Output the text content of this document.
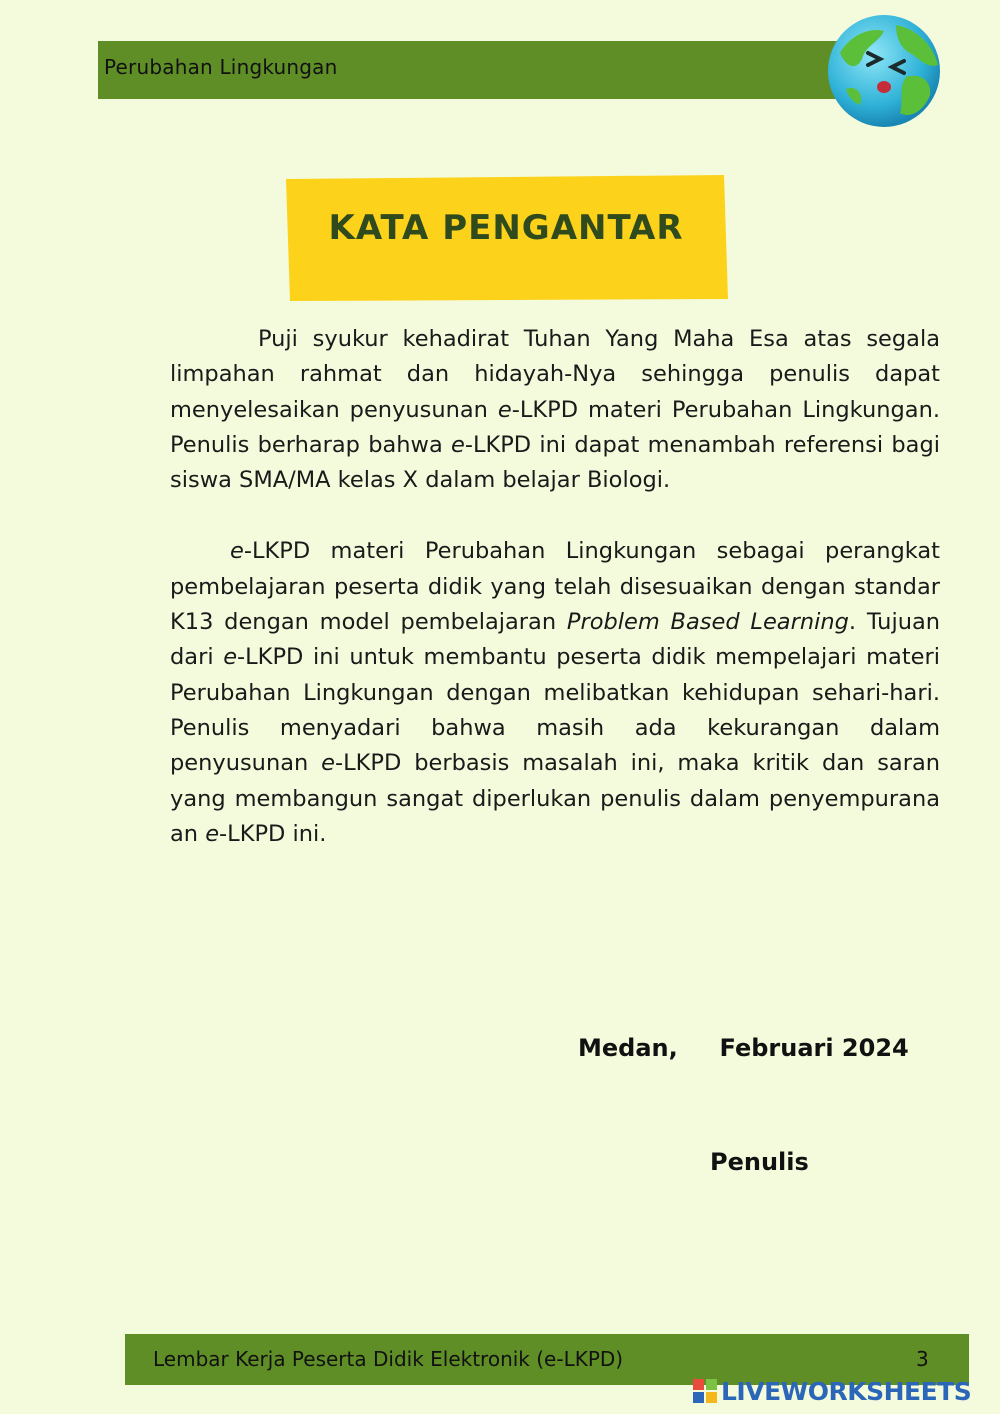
Perubahan Lingkungan
KATA PENGANTAR

Puji syukur kehadirat Tuhan Yang Maha Esa atas segala limpahan rahmat dan hidayah-Nya sehingga penulis dapat menyelesaikan penyusunan e-LKPD materi Perubahan Lingkungan. Penulis berharap bahwa e-LKPD ini dapat menambah referensi bagi siswa SMA/MA kelas X dalam belajar Biologi.

e-LKPD materi Perubahan Lingkungan sebagai perangkat pembelajaran peserta didik yang telah disesuaikan dengan standar K13 dengan model pembelajaran Problem Based Learning. Tujuan dari e-LKPD ini untuk membantu peserta didik mempelajari materi Perubahan Lingkungan dengan melibatkan kehidupan sehari-hari. Penulis menyadari bahwa masih ada kekurangan dalam penyusunan e-LKPD berbasis masalah ini, maka kritik dan saran yang membangun sangat diperlukan penulis dalam penyempurana an e-LKPD ini.

Medan,     Februari 2024
Penulis
Lembar Kerja Peserta Didik Elektronik (e-LKPD)	3
LIVEWORKSHEETS
